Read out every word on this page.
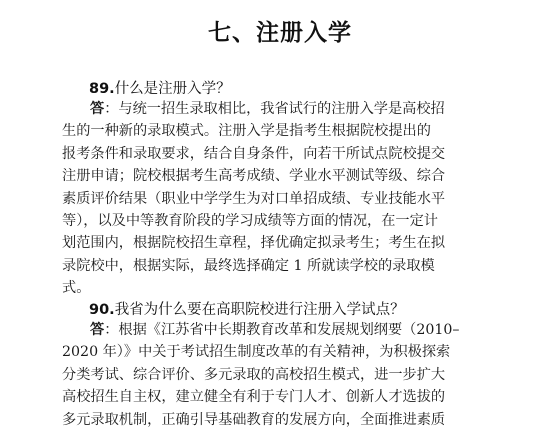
七、注册入学
89.什么是注册入学？
答：与统一招生录取相比，我省试行的注册入学是高校招
生的一种新的录取模式。注册入学是指考生根据院校提出的
报考条件和录取要求，结合自身条件，向若干所试点院校提交
注册申请；院校根据考生高考成绩、学业水平测试等级、综合
素质评价结果（职业中学学生为对口单招成绩、专业技能水平
等），以及中等教育阶段的学习成绩等方面的情况，在一定计
划范围内，根据院校招生章程，择优确定拟录考生；考生在拟
录院校中，根据实际，最终选择确定 1 所就读学校的录取模
式。
90.我省为什么要在高职院校进行注册入学试点？
答：根据《江苏省中长期教育改革和发展规划纲要（2010–
2020 年）》中关于考试招生制度改革的有关精神，为积极探索
分类考试、综合评价、多元录取的高校招生模式，进一步扩大
高校招生自主权，建立健全有利于专门人才、创新人才选拔的
多元录取机制，正确引导基础教育的发展方向，全面推进素质
